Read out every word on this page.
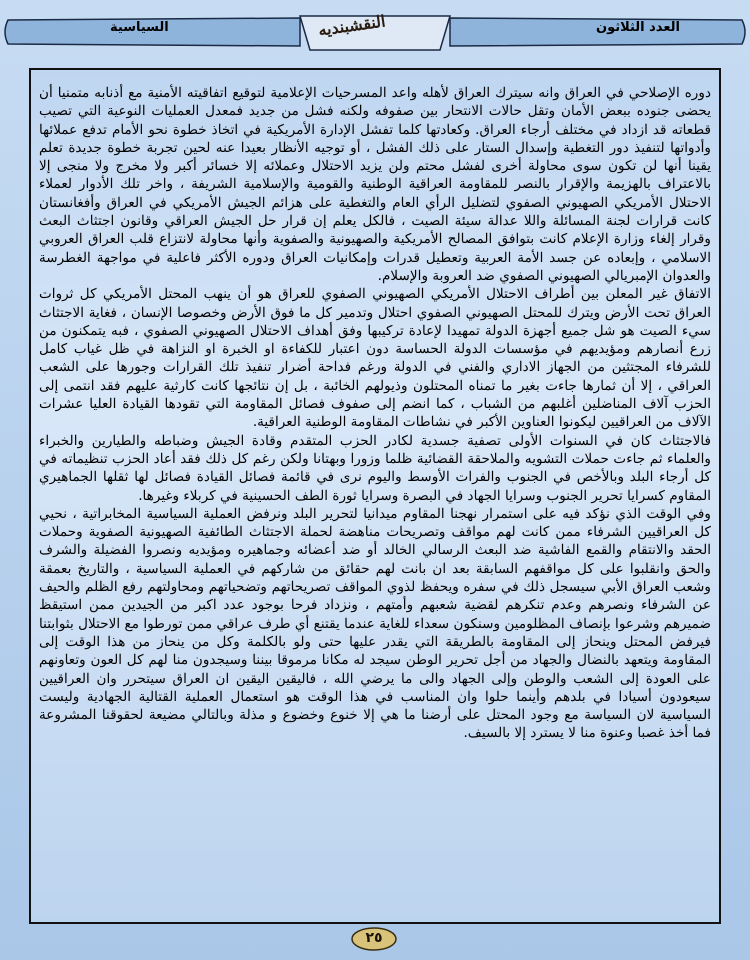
العدد الثلاثون
السياسية	النقشبنديه

دوره الإصلاحي في العراق وانه سيترك العراق لأهله واعد المسرحيات الإعلامية لتوقيع اتفاقيته الأمنية مع أذنابه متمنيا أن يحضى جنوده ببعض الأمان وتقل حالات الانتحار بين صفوفه ولكنه فشل من جديد فمعدل العمليات النوعية التي تصيب قطعاته قد ازداد في مختلف أرجاء العراق. وكعادتها كلما تفشل الإدارة الأمريكية في اتخاذ خطوة نحو الأمام تدفع عملائها وأدواتها لتنفيذ دور التغطية وإسدال الستار على ذلك الفشل ، أو توجيه الأنظار بعيدا عنه لحين تجربة خطوة جديدة تعلم يقينا أنها لن تكون سوى محاولة أخرى لفشل محتم ولن يزيد الاحتلال وعملائه إلا خسائر أكبر ولا مخرج ولا منجى إلا بالاعتراف بالهزيمة والإقرار بالنصر للمقاومة العراقية الوطنية والقومية والإسلامية الشريفة ، واخر تلك الأدوار لعملاء الاحتلال الأمريكي الصهيوني الصفوي لتضليل الرأي العام والتغطية على هزائم الجيش الأمريكي في العراق وأفغانستان كانت قرارات لجنة المسائلة واللا عدالة سيئة الصيت ، فالكل يعلم إن قرار حل الجيش العراقي وقانون اجتثاث البعث وقرار إلغاء وزارة الإعلام كانت بتوافق المصالح الأمريكية والصهيونية والصفوية وأنها محاولة لانتزاع قلب العراق العروبي الاسلامي ، وإبعاده عن جسد الأمة العربية وتعطيل قدرات وإمكانيات العراق ودوره الأكثر فاعلية في مواجهة الغطرسة والعدوان الإمبريالي الصهيوني الصفوي ضد العروبة والإسلام.

الاتفاق غير المعلن بين أطراف الاحتلال الأمريكي الصهيوني الصفوي للعراق هو أن ينهب المحتل الأمريكي كل ثروات العراق تحت الأرض ويترك للمحتل الصهيوني الصفوي احتلال وتدمير كل ما فوق الأرض وخصوصا الإنسان ، فغاية الاجتثاث سيء الصيت هو شل جميع أجهزة الدولة تمهيدا لإعادة تركيبها وفق أهداف الاحتلال الصهيوني الصفوي ، فبه يتمكنون من زرع أنصارهم ومؤيديهم في مؤسسات الدولة الحساسة دون اعتبار للكفاءة او الخبرة او النزاهة في ظل غياب كامل للشرفاء المجتثين من الجهاز الاداري والفني في الدولة ورغم فداحة أضرار تنفيذ تلك القرارات وجورها على الشعب العراقي ، إلا أن ثمارها جاءت بغير ما تمناه المحتلون وذيولهم الخائبة ، بل إن نتائجها كانت كارثية عليهم فقد انتمى إلى الحزب آلاف المناضلين أغلبهم من الشباب ، كما انضم إلى صفوف فصائل المقاومة التي تقودها القيادة العليا عشرات الآلاف من العراقيين ليكونوا العناوين الأكبر في نشاطات المقاومة الوطنية العراقية.

فالاجتثاث كان في السنوات الأولى تصفية جسدية لكادر الحزب المتقدم وقادة الجيش وضباطه والطيارين والخبراء والعلماء ثم جاءت حملات التشويه والملاحقة القضائية ظلما وزورا وبهتانا ولكن رغم كل ذلك فقد أعاد الحزب تنظيماته في كل أرجاء البلد وبالأخص في الجنوب والفرات الأوسط واليوم نرى في قائمة فصائل القيادة فصائل لها ثقلها الجماهيري المقاوم كسرايا تحرير الجنوب وسرايا الجهاد في البصرة وسرايا ثورة الطف الحسينية في كربلاء وغيرها.

وفي الوقت الذي نؤكد فيه على استمرار نهجنا المقاوم ميدانيا لتحرير البلد ونرفض العملية السياسية المخابراتية ، نحيي كل العراقيين الشرفاء ممن كانت لهم مواقف وتصريحات مناهضة لحملة الاجتثاث الطائفية الصهيونية الصفوية وحملات الحقد والانتقام والقمع الفاشية ضد البعث الرسالي الخالد أو ضد أعضائه وجماهيره ومؤيديه ونصروا الفضيلة والشرف والحق وانقلبوا على كل مواقفهم السابقة بعد ان بانت لهم حقائق من شاركهم في العملية السياسية ، والتاريخ بعمقة وشعب العراق الأبي سيسجل ذلك في سفره ويحفظ لذوي المواقف تصريحاتهم وتضحياتهم ومحاولتهم رفع الظلم والحيف عن الشرفاء ونصرهم وعدم تنكرهم لقضية شعبهم وأمتهم ، ونزداد فرحا بوجود عدد اكبر من الجيدين ممن استيقظ ضميرهم وشرعوا بإنصاف المظلومين وسنكون سعداء للغاية عندما يقتنع أي طرف عراقي ممن تورطوا مع الاحتلال بثوابتنا فيرفض المحتل وينحاز إلى المقاومة بالطريقة التي يقدر عليها حتى ولو بالكلمة وكل من ينحاز من هذا الوقت إلى المقاومة ويتعهد بالنضال والجهاد من أجل تحرير الوطن سيجد له مكانا مرموقا بيننا وسيجدون منا لهم كل العون وتعاونهم على العودة إلى الشعب والوطن وإلى الجهاد والى ما يرضي الله ، فاليقين اليقين ان العراق سيتحرر وان العراقيين سيعودون أسيادا في بلدهم وأينما حلوا وان المناسب في هذا الوقت هو استعمال العملية القتالية الجهادية وليست السياسية لان السياسة مع وجود المحتل على أرضنا ما هي إلا خنوع وخضوع و مذلة وبالتالي مضيعة لحقوقنا المشروعة فما أخذ غصبا وعنوة منا لا يسترد إلا بالسيف.

٢٥
